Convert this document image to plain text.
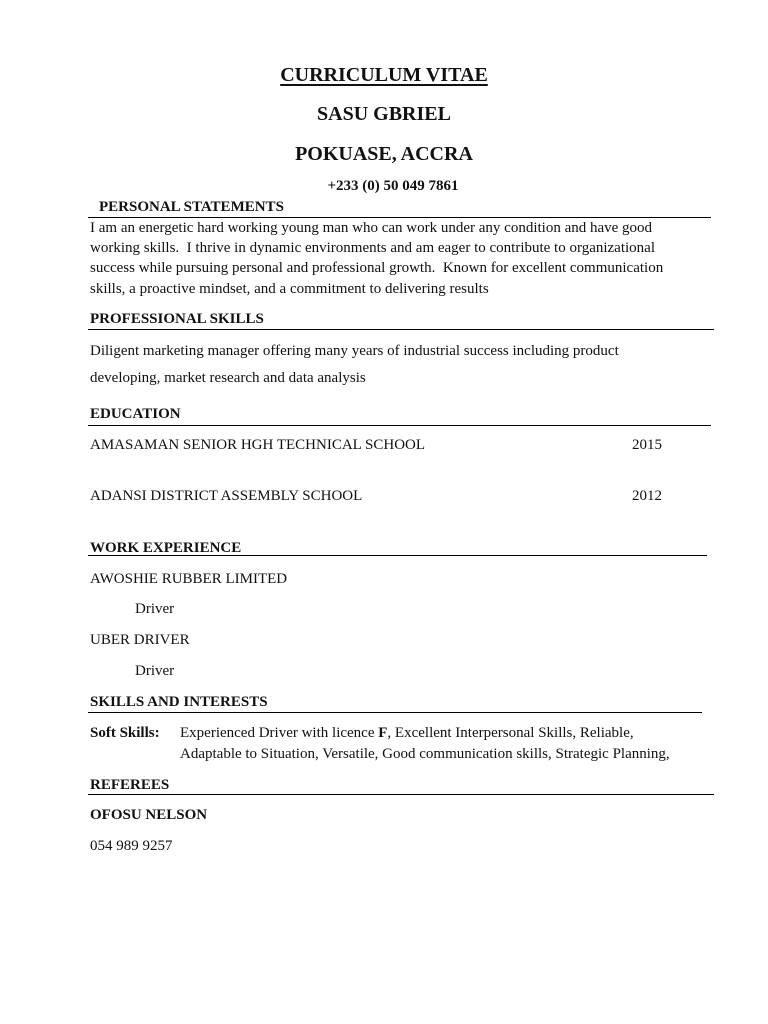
CURRICULUM VITAE
SASU GBRIEL
POKUASE, ACCRA
+233 (0) 50 049 7861
PERSONAL STATEMENTS
I am an energetic hard working young man who can work under any condition and have good
working skills.  I thrive in dynamic environments and am eager to contribute to organizational
success while pursuing personal and professional growth.  Known for excellent communication
skills, a proactive mindset, and a commitment to delivering results
PROFESSIONAL SKILLS
Diligent marketing manager offering many years of industrial success including product
developing, market research and data analysis
EDUCATION
AMASAMAN SENIOR HGH TECHNICAL SCHOOL	2015
ADANSI DISTRICT ASSEMBLY SCHOOL	2012
WORK EXPERIENCE
AWOSHIE RUBBER LIMITED
Driver
UBER DRIVER
Driver
SKILLS AND INTERESTS
Soft Skills: Experienced Driver with licence F, Excellent Interpersonal Skills, Reliable,
Adaptable to Situation, Versatile, Good communication skills, Strategic Planning,
REFEREES
OFOSU NELSON
054 989 9257
